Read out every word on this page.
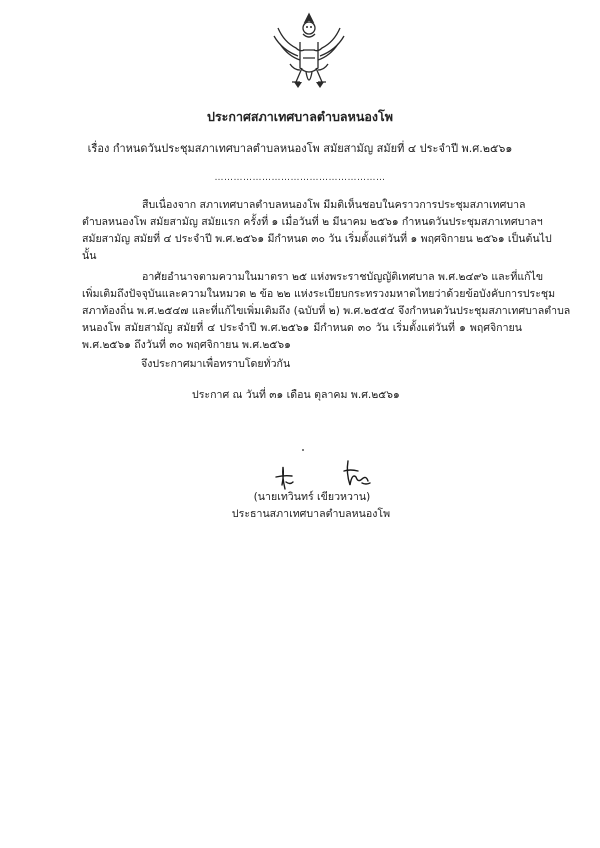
ประกาศสภาเทศบาลตำบลหนองโพ
เรื่อง กำหนดวันประชุมสภาเทศบาลตำบลหนองโพ สมัยสามัญ สมัยที่ ๔ ประจำปี พ.ศ.๒๕๖๑
………………………………………………
สืบเนื่องจาก สภาเทศบาลตำบลหนองโพ มีมติเห็นชอบในคราวการประชุมสภาเทศบาล
ตำบลหนองโพ สมัยสามัญ สมัยแรก ครั้งที่ ๑ เมื่อวันที่ ๒ มีนาคม ๒๕๖๑ กำหนดวันประชุมสภาเทศบาลฯ
สมัยสามัญ สมัยที่ ๔ ประจำปี พ.ศ.๒๕๖๑ มีกำหนด ๓๐ วัน เริ่มตั้งแต่วันที่ ๑ พฤศจิกายน ๒๕๖๑ เป็นต้นไป
นั้น
อาศัยอำนาจตามความในมาตรา ๒๕ แห่งพระราชบัญญัติเทศบาล พ.ศ.๒๔๙๖ และที่แก้ไข
เพิ่มเติมถึงปัจจุบันและความในหมวด ๒ ข้อ ๒๒ แห่งระเบียบกระทรวงมหาดไทยว่าด้วยข้อบังคับการประชุม
สภาท้องถิ่น พ.ศ.๒๕๔๗ และที่แก้ไขเพิ่มเติมถึง (ฉบับที่ ๒) พ.ศ.๒๕๕๔ จึงกำหนดวันประชุมสภาเทศบาลตำบล
หนองโพ สมัยสามัญ สมัยที่ ๔ ประจำปี พ.ศ.๒๕๖๑ มีกำหนด ๓๐ วัน เริ่มตั้งแต่วันที่ ๑ พฤศจิกายน
พ.ศ.๒๕๖๑ ถึงวันที่ ๓๐ พฤศจิกายน พ.ศ.๒๕๖๑
จึงประกาศมาเพื่อทราบโดยทั่วกัน
ประกาศ ณ วันที่ ๓๑ เดือน ตุลาคม พ.ศ.๒๕๖๑
(นายเทวินทร์ เขียวหวาน)
ประธานสภาเทศบาลตำบลหนองโพ
